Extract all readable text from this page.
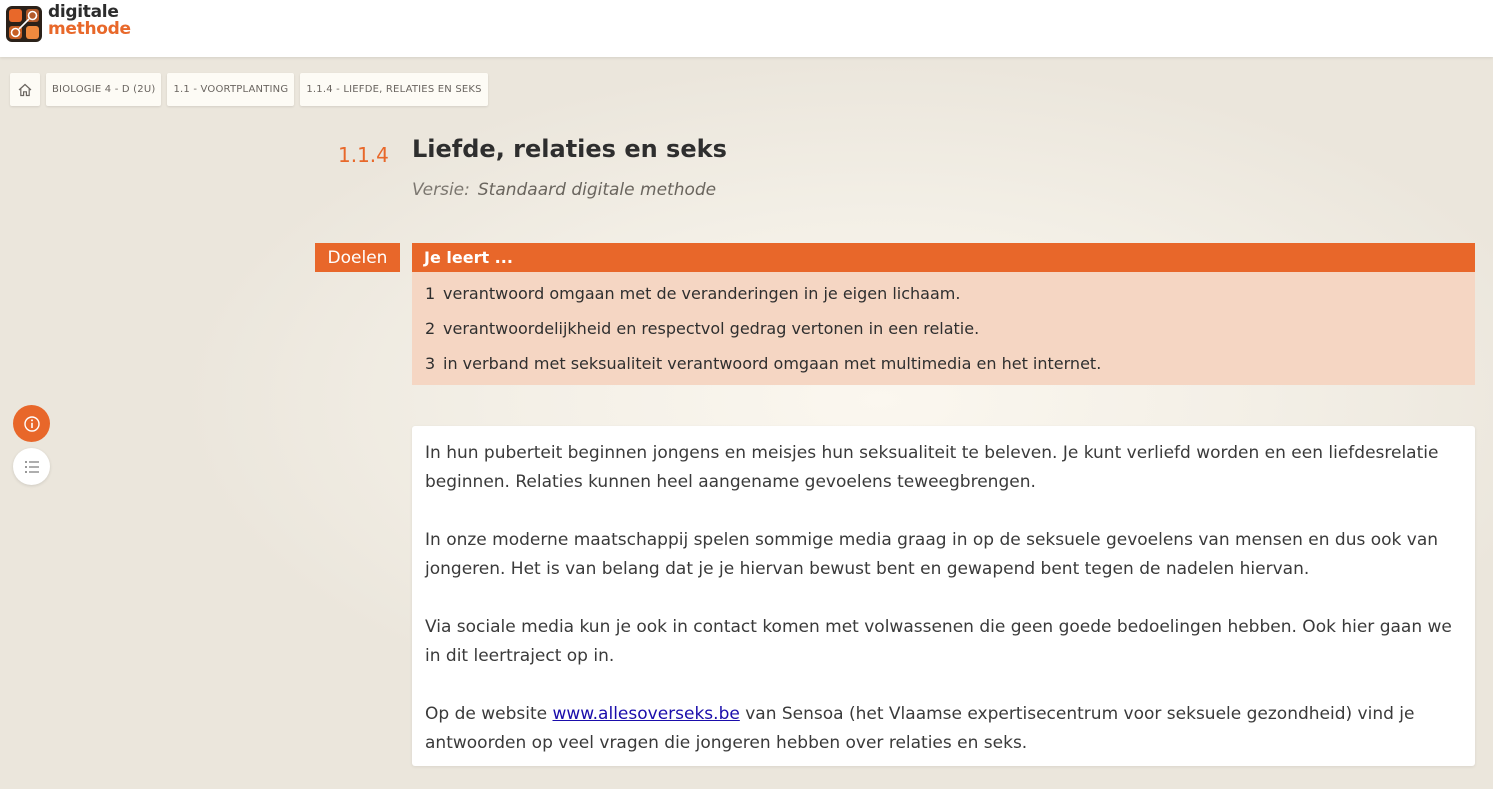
digitale
methode
BIOLOGIE 4 - D (2U)	1.1 - VOORTPLANTING	1.1.4 - LIEFDE, RELATIES EN SEKS
1.1.4 Liefde, relaties en seks
Versie: Standaard digitale methode
Doelen	Je leert ...
1 verantwoord omgaan met de veranderingen in je eigen lichaam.
2 verantwoordelijkheid en respectvol gedrag vertonen in een relatie.
3 in verband met seksualiteit verantwoord omgaan met multimedia en het internet.

In hun puberteit beginnen jongens en meisjes hun seksualiteit te beleven. Je kunt verliefd worden en een liefdesrelatie beginnen. Relaties kunnen heel aangename gevoelens teweegbrengen.

In onze moderne maatschappij spelen sommige media graag in op de seksuele gevoelens van mensen en dus ook van jongeren. Het is van belang dat je je hiervan bewust bent en gewapend bent tegen de nadelen hiervan.

Via sociale media kun je ook in contact komen met volwassenen die geen goede bedoelingen hebben. Ook hier gaan we in dit leertraject op in.

Op de website www.allesoverseks.be van Sensoa (het Vlaamse expertisecentrum voor seksuele gezondheid) vind je antwoorden op veel vragen die jongeren hebben over relaties en seks.
